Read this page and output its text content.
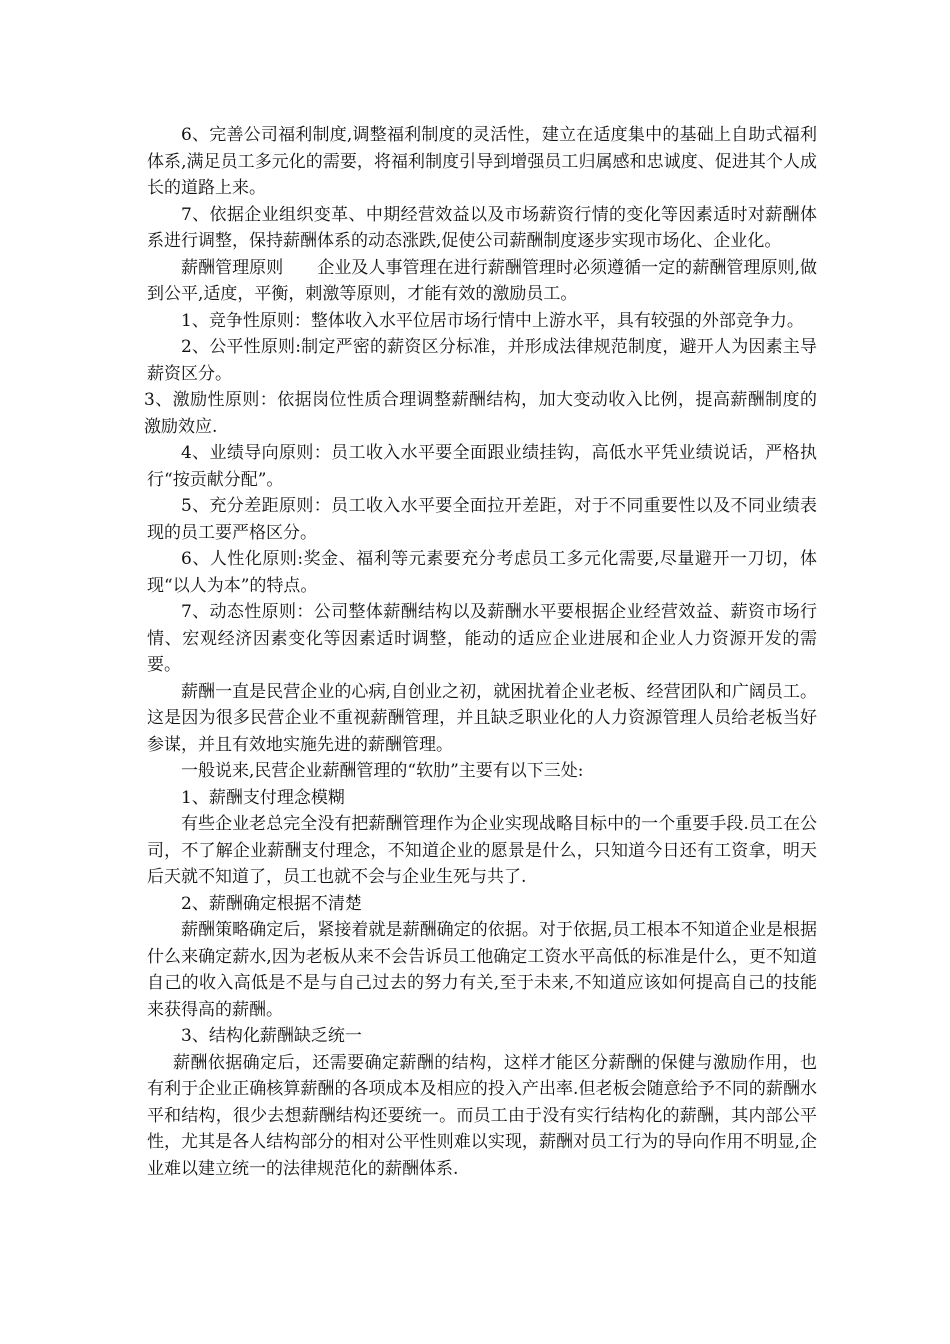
6、完善公司福利制度,调整福利制度的灵活性，建立在适度集中的基础上自助式福利体系,满足员工多元化的需要，将福利制度引导到增强员工归属感和忠诚度、促进其个人成长的道路上来。

7、依据企业组织变革、中期经营效益以及市场薪资行情的变化等因素适时对薪酬体系进行调整，保持薪酬体系的动态涨跌,促使公司薪酬制度逐步实现市场化、企业化。

薪酬管理原则　　企业及人事管理在进行薪酬管理时必须遵循一定的薪酬管理原则,做到公平,适度，平衡，刺激等原则，才能有效的激励员工。

1、竞争性原则：整体收入水平位居市场行情中上游水平，具有较强的外部竞争力。

2、公平性原则:制定严密的薪资区分标准，并形成法律规范制度，避开人为因素主导薪资区分。

3、激励性原则：依据岗位性质合理调整薪酬结构，加大变动收入比例，提高薪酬制度的激励效应.

4、业绩导向原则：员工收入水平要全面跟业绩挂钩，高低水平凭业绩说话，严格执行“按贡献分配”。

5、充分差距原则：员工收入水平要全面拉开差距，对于不同重要性以及不同业绩表现的员工要严格区分。

6、人性化原则:奖金、福利等元素要充分考虑员工多元化需要,尽量避开一刀切，体现“以人为本”的特点。

7、动态性原则：公司整体薪酬结构以及薪酬水平要根据企业经营效益、薪资市场行情、宏观经济因素变化等因素适时调整，能动的适应企业进展和企业人力资源开发的需要。

薪酬一直是民营企业的心病,自创业之初，就困扰着企业老板、经营团队和广阔员工。这是因为很多民营企业不重视薪酬管理，并且缺乏职业化的人力资源管理人员给老板当好参谋，并且有效地实施先进的薪酬管理。

一般说来,民营企业薪酬管理的“软肋”主要有以下三处:

1、薪酬支付理念模糊

有些企业老总完全没有把薪酬管理作为企业实现战略目标中的一个重要手段.员工在公司，不了解企业薪酬支付理念，不知道企业的愿景是什么，只知道今日还有工资拿，明天后天就不知道了，员工也就不会与企业生死与共了.

2、薪酬确定根据不清楚

薪酬策略确定后，紧接着就是薪酬确定的依据。对于依据,员工根本不知道企业是根据什么来确定薪水,因为老板从来不会告诉员工他确定工资水平高低的标准是什么，更不知道自己的收入高低是不是与自己过去的努力有关,至于未来,不知道应该如何提高自己的技能来获得高的薪酬。

3、结构化薪酬缺乏统一

薪酬依据确定后，还需要确定薪酬的结构，这样才能区分薪酬的保健与激励作用，也有利于企业正确核算薪酬的各项成本及相应的投入产出率.但老板会随意给予不同的薪酬水平和结构，很少去想薪酬结构还要统一。而员工由于没有实行结构化的薪酬，其内部公平性，尤其是各人结构部分的相对公平性则难以实现，薪酬对员工行为的导向作用不明显,企业难以建立统一的法律规范化的薪酬体系.
